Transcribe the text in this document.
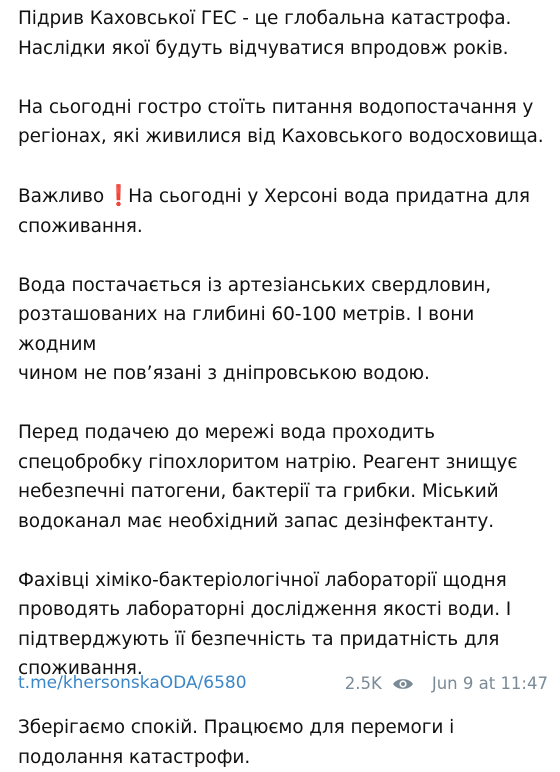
Підрив Каховської ГЕС - це глобальна катастрофа.
Наслідки якої будуть відчуватися впродовж років.

На сьогодні гостро стоїть питання водопостачання у
регіонах, які живилися від Каховського водосховища.

Важливо ❗На сьогодні у Херсоні вода придатна для
споживання.

Вода постачається із артезіанських свердловин,
розташованих на глибині 60-100 метрів. І вони жодним
чином не пов’язані з дніпровською водою.

Перед подачею до мережі вода проходить
спецобробку гіпохлоритом натрію. Реагент знищує
небезпечні патогени, бактерії та грибки. Міський
водоканал має необхідний запас дезінфектанту.

Фахівці хіміко-бактеріологічної лабораторії щодня
проводять лабораторні дослідження якості води. І
підтверджують її безпечність та придатність для
споживання.

Зберігаємо спокій. Працюємо для перемоги і
подолання катастрофи.

t.me/khersonskaODA/6580	2.5K	Jun 9 at 11:47
